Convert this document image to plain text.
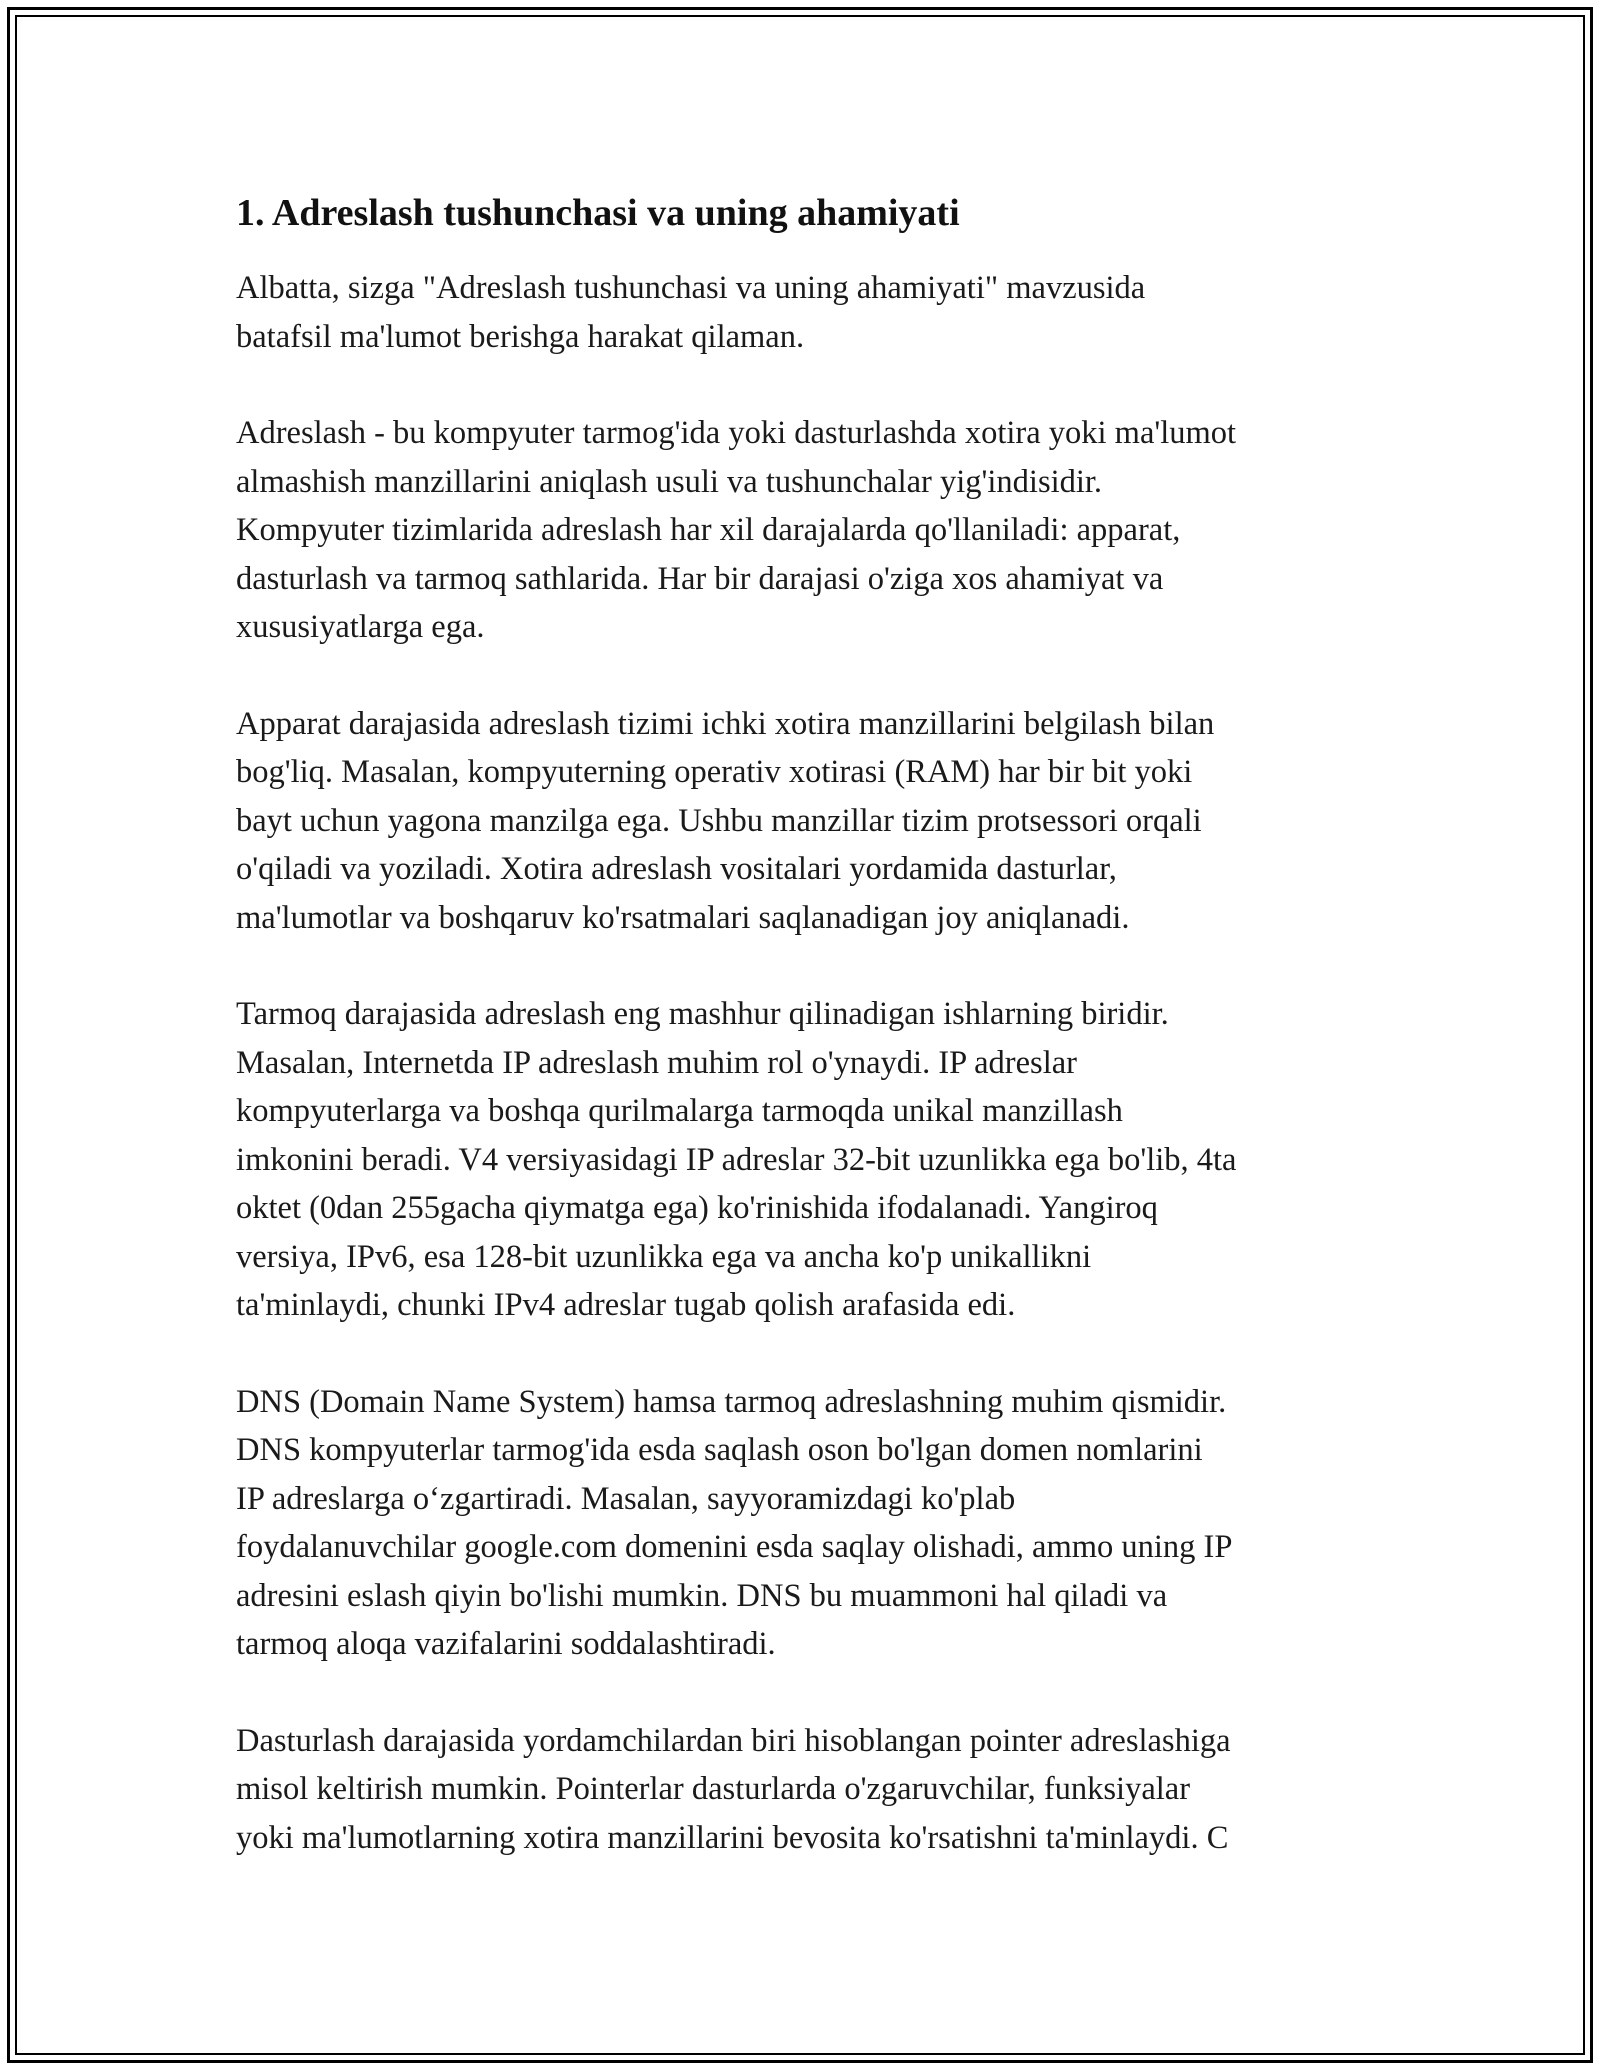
1. Adreslash tushunchasi va uning ahamiyati

Albatta, sizga "Adreslash tushunchasi va uning ahamiyati" mavzusida
batafsil ma'lumot berishga harakat qilaman.

Adreslash - bu kompyuter tarmog'ida yoki dasturlashda xotira yoki ma'lumot
almashish manzillarini aniqlash usuli va tushunchalar yig'indisidir.
Kompyuter tizimlarida adreslash har xil darajalarda qo'llaniladi: apparat,
dasturlash va tarmoq sathlarida. Har bir darajasi o'ziga xos ahamiyat va
xususiyatlarga ega.

Apparat darajasida adreslash tizimi ichki xotira manzillarini belgilash bilan
bog'liq. Masalan, kompyuterning operativ xotirasi (RAM) har bir bit yoki
bayt uchun yagona manzilga ega. Ushbu manzillar tizim protsessori orqali
o'qiladi va yoziladi. Xotira adreslash vositalari yordamida dasturlar,
ma'lumotlar va boshqaruv ko'rsatmalari saqlanadigan joy aniqlanadi.

Tarmoq darajasida adreslash eng mashhur qilinadigan ishlarning biridir.
Masalan, Internetda IP adreslash muhim rol o'ynaydi. IP adreslar
kompyuterlarga va boshqa qurilmalarga tarmoqda unikal manzillash
imkonini beradi. V4 versiyasidagi IP adreslar 32-bit uzunlikka ega bo'lib, 4ta
oktet (0dan 255gacha qiymatga ega) ko'rinishida ifodalanadi. Yangiroq
versiya, IPv6, esa 128-bit uzunlikka ega va ancha ko'p unikallikni
ta'minlaydi, chunki IPv4 adreslar tugab qolish arafasida edi.

DNS (Domain Name System) hamsa tarmoq adreslashning muhim qismidir.
DNS kompyuterlar tarmog'ida esda saqlash oson bo'lgan domen nomlarini
IP adreslarga oʻzgartiradi. Masalan, sayyoramizdagi ko'plab
foydalanuvchilar google.com domenini esda saqlay olishadi, ammo uning IP
adresini eslash qiyin bo'lishi mumkin. DNS bu muammoni hal qiladi va
tarmoq aloqa vazifalarini soddalashtiradi.

Dasturlash darajasida yordamchilardan biri hisoblangan pointer adreslashiga
misol keltirish mumkin. Pointerlar dasturlarda o'zgaruvchilar, funksiyalar
yoki ma'lumotlarning xotira manzillarini bevosita ko'rsatishni ta'minlaydi. C
